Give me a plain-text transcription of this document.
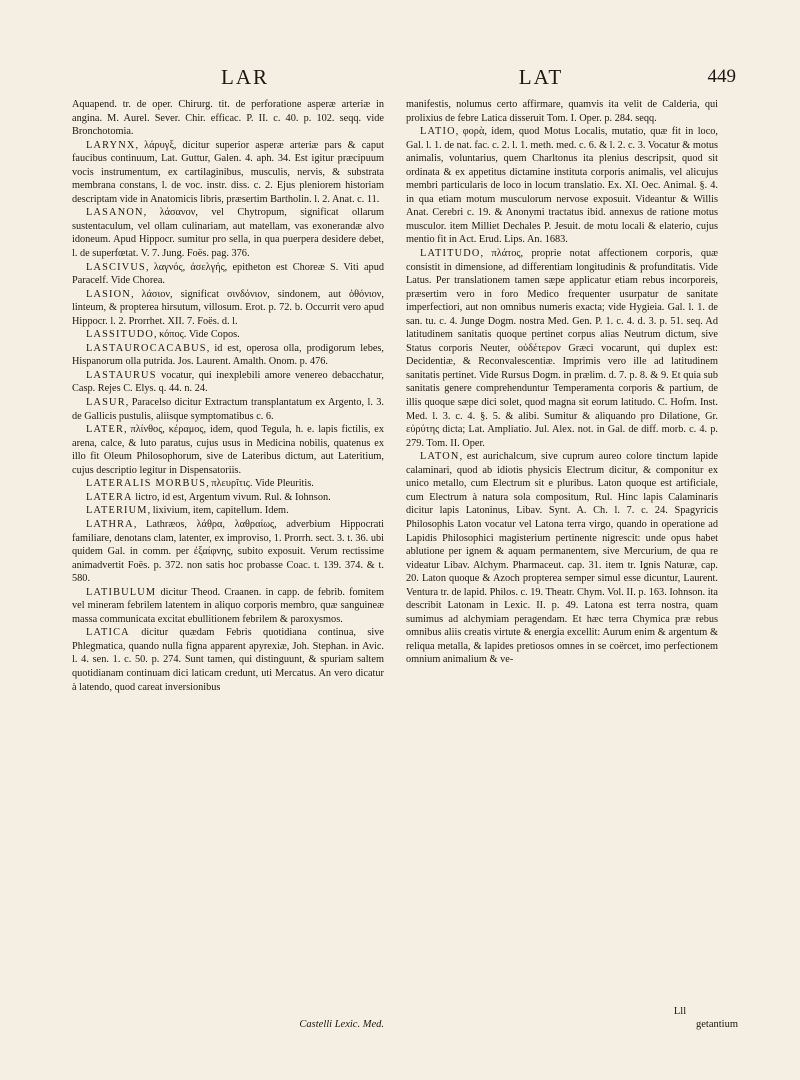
LAR	LAT	449

Aquapend. tr. de oper. Chirurg. tit. de perforatione asperæ arteriæ in angina. M. Aurel. Sever. Chir. efficac. P. II. c. 40. p. 102. seqq. vide Bronchotomia.

LARYNX, λάρυγξ, dicitur superior asperæ arteriæ pars & caput faucibus continuum, Lat. Guttur, Galen. 4. aph. 34. Est igitur præcipuum vocis instrumentum, ex cartilaginibus, musculis, nervis, & substrata membrana constans, l. de voc. instr. diss. c. 2. Ejus pleniorem historiam descriptam vide in Anatomicis libris, præsertim Bartholin. l. 2. Anat. c. 11.

LASANON, λάσανον, vel Chytropum, significat ollarum sustentaculum, vel ollam culinariam, aut matellam, vas exonerandæ alvo idoneum. Apud Hippocr. sumitur pro sella, in qua puerpera desidere debet, l. de superfœtat. V. 7. Jung. Foës. pag. 376.

LASCIVUS, λαγνός, ἀσελγής, epitheton est Choreæ S. Viti apud Paracelf. Vide Chorea.

LASION, λάσιον, significat σινδόνιον, sindonem, aut ὀθόνιον, linteum, & propterea hirsutum, villosum. Erot. p. 72. b. Occurrit vero apud Hippocr. l. 2. Prorrhet. XII. 7. Foës. d. l.

LASSITUDO, κόπος. Vide Copos.

LASTAUROCACABUS, id est, operosa olla, prodigorum lebes, Hispanorum olla putrida. Jos. Laurent. Amalth. Onom. p. 476.

LASTAURUS vocatur, qui inexplebili amore venereo debacchatur, Casp. Rejes C. Elys. q. 44. n. 24.

LASUR, Paracelso dicitur Extractum transplantatum ex Argento, l. 3. de Gallicis pustulis, aliisque symptomatibus c. 6.

LATER, πλίνθος, κέραμος, idem, quod Tegula, h. e. lapis fictilis, ex arena, calce, & luto paratus, cujus usus in Medicina nobilis, quatenus ex illo fit Oleum Philosophorum, sive de Lateribus dictum, aut Lateritium, cujus descriptio legitur in Dispensatoriis.

LATERALIS MORBUS, πλευρῖτις. Vide Pleuritis.

LATERA lictro, id est, Argentum vivum. Rul. & Iohnson.

LATERIUM, lixivium, item, capitellum. Idem.

LATHRA, Lathræos, λάθρα, λαθραίως, adverbium Hippocrati familiare, denotans clam, latenter, ex improviso, 1. Prorrh. sect. 3. t. 36. ubi quidem Gal. in comm. per ἐξαίφνης, subito exposuit. Verum rectissime animadvertit Foës. p. 372. non satis hoc probasse Coac. t. 139. 374. & t. 580.

LATIBULUM dicitur Theod. Craanen. in capp. de febrib. fomitem vel mineram febrilem latentem in aliquo corporis membro, quæ sanguineæ massa communicata excitat ebullitionem febrilem & paroxysmos.

LATICA dicitur quædam Febris quotidiana continua, sive Phlegmatica, quando nulla figna apparent apyrexiæ, Joh. Stephan. in Avic. l. 4. sen. 1. c. 50. p. 274. Sunt tamen, qui distinguunt, & spuriam saltem quotidianam continuam dici laticam credunt, uti Mercatus. An vero dicatur à latendo, quod careat inversionibus

manifestis, nolumus certo affirmare, quamvis ita velit de Calderia, qui prolixius de febre Latica disseruit Tom. I. Oper. p. 284. seqq.

LATIO, φορὰ, idem, quod Motus Localis, mutatio, quæ fit in loco, Gal. l. 1. de nat. fac. c. 2. l. 1. meth. med. c. 6. & l. 2. c. 3. Vocatur & motus animalis, voluntarius, quem Charltonus ita plenius descripsit, quod sit ordinata & ex appetitus dictamine instituta corporis animalis, vel alicujus membri particularis de loco in locum translatio. Ex. XI. Oec. Animal. §. 4. in qua etiam motum musculorum nervose exposuit. Videantur & Willis Anat. Cerebri c. 19. & Anonymi tractatus ibid. annexus de ratione motus musculor. item Milliet Dechales P. Jesuit. de motu locali & elaterio, cujus mentio fit in Act. Erud. Lips. An. 1683.

LATITUDO, πλάτος, proprie notat affectionem corporis, quæ consistit in dimensione, ad differentiam longitudinis & profunditatis. Vide Latus. Per translationem tamen sæpe applicatur etiam rebus incorporeis, præsertim vero in foro Medico frequenter usurpatur de sanitate imperfectiori, aut non omnibus numeris exacta; vide Hygieia. Gal. l. 1. de san. tu. c. 4. Junge Dogm. nostra Med. Gen. P. 1. c. 4. d. 3. p. 51. seq. Ad latitudinem sanitatis quoque pertinet corpus alias Neutrum dictum, sive Status corporis Neuter, οὐδέτερον Græci vocarunt, qui duplex est: Decidentiæ, & Reconvalescentiæ. Imprimis vero ille ad latitudinem sanitatis pertinet. Vide Rursus Dogm. in prælim. d. 7. p. 8. & 9. Et quia sub sanitatis genere comprehenduntur Temperamenta corporis & partium, de illis quoque sæpe dici solet, quod magna sit eorum latitudo. C. Hofm. Inst. Med. l. 3. c. 4. §. 5. & alibi. Sumitur & aliquando pro Dilatione, Gr. εὐρύτης dicta; Lat. Ampliatio. Jul. Alex. not. in Gal. de diff. morb. c. 4. p. 279. Tom. II. Oper.

LATON, est aurichalcum, sive cuprum aureo colore tinctum lapide calaminari, quod ab idiotis physicis Electrum dicitur, & componitur ex unico metallo, cum Electrum sit e pluribus. Laton quoque est artificiale, cum Electrum à natura sola compositum, Rul. Hinc lapis Calaminaris dicitur lapis Latoninus, Libav. Synt. A. Ch. l. 7. c. 24. Spagyricis Philosophis Laton vocatur vel Latona terra virgo, quando in operatione ad Lapidis Philosophici magisterium pertinente nigrescit: unde opus habet ablutione per ignem & aquam permanentem, sive Mercurium, de qua re videatur Libav. Alchym. Pharmaceut. cap. 31. item tr. Ignis Naturæ, cap. 20. Laton quoque & Azoch propterea semper simul esse dicuntur, Laurent. Ventura tr. de lapid. Philos. c. 19. Theatr. Chym. Vol. II. p. 163. Iohnson. ita describit Latonam in Lexic. II. p. 49. Latona est terra nostra, quam sumimus ad alchymiam peragendam. Et hæc terra Chymica præ rebus omnibus aliis creatis virtute & energia excellit: Aurum enim & argentum & reliqua metalla, & lapides pretiosos omnes in se coërcet, imo perfectionem omnium animalium & ve-

Castelli Lexic. Med.
Lll
getantium
